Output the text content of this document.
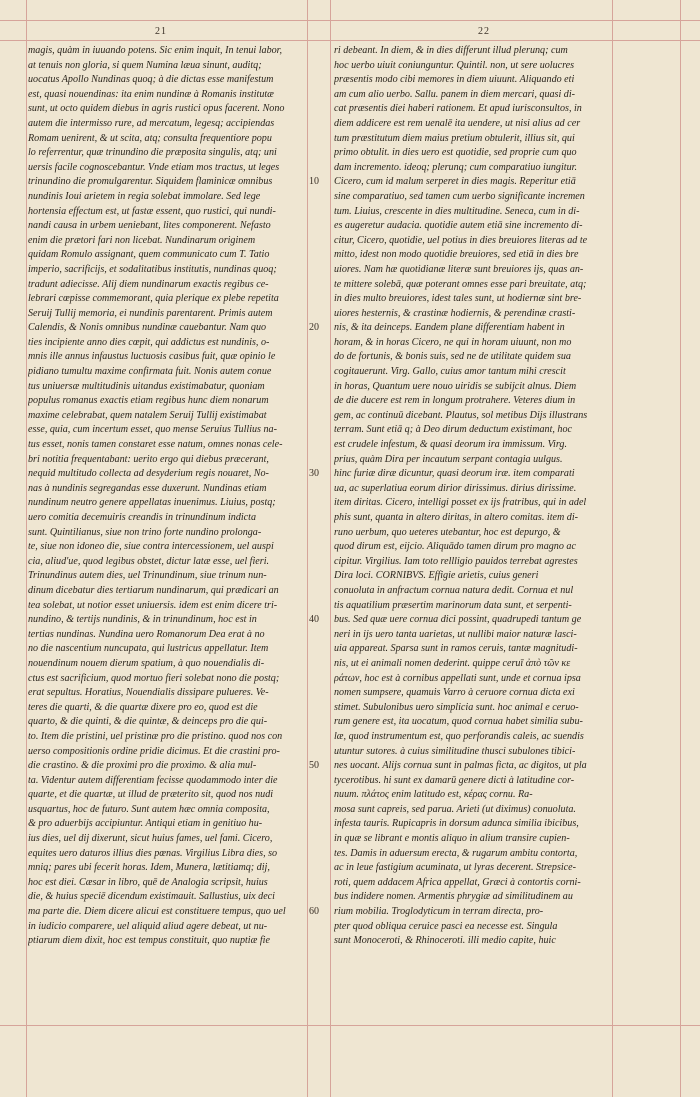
21	22
magis, quàm in iuuando potens. Sic enim inquit, In tenui labor,
at tenuis non gloria, si quem Numina læua sinunt, auditq;
uocatus Apollo Nundinas quoq; à die dictas esse manifestum
est, quasi nouendinas: ita enim nundinæ à Romanis institutæ
sunt, ut octo quidem diebus in agris rustici opus facerent. Nono
autem die intermisso rure, ad mercatum, legesq; accipiendas
Romam uenirent, & ut scita, atq; consulta frequentiore popu
lo referrentur, quæ trinundino die præposita singulis, atq; uni
uersis facile cognoscebantur. Vnde etiam mos tractus, ut leges
trinundino die promulgarentur. Siquidem flaminicæ omnibus
nundinis Ioui arietem in regia solebat immolare. Sed lege
hortensia effectum est, ut fastæ essent, quo rustici, qui nundi-
nandi causa in urbem ueniebant, lites componerent. Nefasto
enim die prætori fari non licebat. Nundinarum originem
quidam Romulo assignant, quem communicato cum T. Tatio
imperio, sacrificijs, et sodalitatibus institutis, nundinas quoq;
tradunt adiecisse. Alij diem nundinarum exactis regibus ce-
lebrari cœpisse commemorant, quia plerique ex plebe repetita
Seruij Tullij memoria, ei nundinis parentarent. Primis autem
Calendis, & Nonis omnibus nundinæ cauebantur. Nam quo
ties incipiente anno dies cœpit, qui addictus est nundinis, o-
mnis ille annus infaustus luctuosis casibus fuit, quæ opinio le
pidiano tumultu maxime confirmata fuit. Nonis autem conue
tus uniuersæ multitudinis uitandus existimabatur, quoniam
populus romanus exactis etiam regibus hunc diem nonarum
maxime celebrabat, quem natalem Seruij Tullij existimabat
esse, quia, cum incertum esset, quo mense Seruius Tullius na-
tus esset, nonis tamen constaret esse natum, omnes nonas cele-
bri notitia frequentabant: uerito ergo qui diebus præcerant,
nequid multitudo collecta ad desyderium regis nouaret, No-
nas à nundinis segregandas esse duxerunt. Nundinas etiam
nundinum neutro genere appellatas inuenimus. Liuius, postq;
uero comitia decemuiris creandis in trinundinum indicta
sunt. Quintilianus, siue non trino forte nundino prolonga-
te, siue non idoneo die, siue contra intercessionem, uel auspi
cia, aliud'ue, quod legibus obstet, dictur latæ esse, uel fieri.
Trinundinus autem dies, uel Trinundinum, siue trinum nun-
dinum dicebatur dies tertiarum nundinarum, qui prædicari an
tea solebat, ut notior esset uniuersis. idem est enim dicere tri-
nundino, & tertijs nundinis, & in trinundinum, hoc est in
tertias nundinas. Nundina uero Romanorum Dea erat à no
no die nascentium nuncupata, qui lustricus appellatur. Item
nouendinum nouem dierum spatium, à quo nouendialis di-
ctus est sacrificium, quod mortuo fieri solebat nono die postq;
erat sepultus. Horatius, Nouendialis dissipare pulueres. Ve-
teres die quarti, & die quartæ dixere pro eo, quod est die
quarto, & die quinti, & die quintæ, & deinceps pro die qui-
to. Item die pristini, uel pristinæ pro die pristino. quod nos con
uerso compositionis ordine pridie dicimus. Et die crastini pro-
die crastino. & die proximi pro die proximo. & alia mul-
ta. Videntur autem differentiam fecisse quodammodo inter die
quarte, et die quartæ, ut illud de præterito sit, quod nos nudi
usquartus, hoc de futuro. Sunt autem hæc omnia composita,
& pro aduerbijs accipiuntur. Antiqui etiam in genitiuo hu-
ius dies, uel dij dixerunt, sicut huius fames, uel fami. Cicero,
equites uero daturos illius dies pœnas. Virgilius Libra dies, so
mniq; pares ubi fecerit horas. Idem, Munera, lætitiamq; dij,
hoc est diei. Cæsar in libro, quē de Analogia scripsit, huius
die, & huius speciē dicendum existimauit. Sallustius, uix deci
ma parte die. Diem dicere alicui est constituere tempus, quo uel
in iudicio comparere, uel aliquid aliud agere debeat, ut nu-
ptiarum diem dixit, hoc est tempus constituit, quo nuptiæ fie
ri debeant. In diem, & in dies differunt illud plerunq; cum
hoc uerbo uiuit coniunguntur. Quintil. non, ut sere uolucres
præsentis modo cibi memores in diem uiuunt. Aliquando eti
am cum alio uerbo. Sallu. panem in diem mercari, quasi di-
cat præsentis diei haberi rationem. Et apud iurisconsultos, in
diem addicere est rem uenalē ita uendere, ut nisi alius ad cer
tum præstitutum diem maius pretium obtulerit, illius sit, qui
primo obtulit. in dies uero est quotidie, sed proprie cum quo
dam incremento. ideoq; plerunq; cum comparatiuo iungitur.
Cicero, cum id malum serperet in dies magis. Reperitur etiā
sine comparatiuo, sed tamen cum uerbo significante incremen
tum. Liuius, crescente in dies multitudine. Seneca, cum in di-
es augeretur audacia. quotidie autem etiā sine incremento di-
citur, Cicero, quotidie, uel potius in dies breuiores literas ad te
mitto, idest non modo quotidie breuiores, sed etiā in dies bre
uiores. Nam hæ quotidianæ literæ sunt breuiores ijs, quas an-
te mittere solebā, quæ poterant omnes esse pari breuitate, atq;
in dies multo breuiores, idest tales sunt, ut hodiernæ sint bre-
uiores hesternis, & crastinæ hodiernis, & perendinæ crasti-
nis, & ita deinceps. Eandem plane differentiam habent in
horam, & in horas Cicero, ne qui in horam uiuunt, non mo
do de fortunis, & bonis suis, sed ne de utilitate quidem sua
cogitauerunt. Virg. Gallo, cuius amor tantum mihi crescit
in horas, Quantum uere nouo uiridis se subijcit alnus. Diem
de die ducere est rem in longum protrahere. Veteres dium in
gem, ac continuū dicebant. Plautus, sol metibus Dijs illustrans
terram. Sunt etiā q; à Deo dirum deductum existimant, hoc
est crudele infestum, & quasi deorum ira immissum. Virg.
prius, quàm Dira per incautum serpant contagia uulgus.
hinc furiæ diræ dicuntur, quasi deorum iræ. item comparati
ua, ac superlatiua eorum dirior dirissimus. dirius dirissime.
item diritas. Cicero, intelligi posset ex ijs fratribus, qui in adel
phis sunt, quanta in altero diritas, in altero comitas. item di-
runo uerbum, quo ueteres utebantur, hoc est depurgo, &
quod dirum est, eijcio. Aliquādo tamen dirum pro magno ac
cipitur. Virgilius. Iam toto rellligio pauidos terrebat agrestes
Dira loci. CORNIBVS. Effigie arietis, cuius generi
conuoluta in anfractum cornua natura dedit. Cornua et nul
tis aquatilium præsertim marinorum data sunt, et serpenti-
bus. Sed quæ uere cornua dici possint, quadrupedi tantum ge
neri in ijs uero tanta uarietas, ut nullibi maior naturæ lasci-
uia appareat. Sparsa sunt in ramos ceruis, tantæ magnitudi-
nis, ut ei animali nomen dederint. quippe ceruī ἀπὸ τῶν κε
ράτων, hoc est à cornibus appellati sunt, unde et cornua ipsa
nomen sumpsere, quamuis Varro à ceruore cornua dicta exi
stimet. Subulonibus uero simplicia sunt. hoc animal e ceruo-
rum genere est, ita uocatum, quod cornua habet similia subu-
læ, quod instrumentum est, quo perforandis caleis, ac suendis
utuntur sutores. à cuius similitudine thusci subulones tibici-
nes uocant. Alijs cornua sunt in palmas ficta, ac digitos, ut pla
tycerotibus. hi sunt ex damarū genere dicti à latitudine cor-
nuum. πλάτος enim latitudo est, κέρας cornu. Ra-
mosa sunt capreis, sed parua. Arieti (ut diximus) conuoluta.
infesta tauris. Rupicapris in dorsum adunca similia ibicibus,
in quæ se librant e montis aliquo in alium transire cupien-
tes. Damis in aduersum erecta, & rugarum ambitu contorta,
ac in leue fastigium acuminata, ut lyras decerent. Strepsice-
roti, quem addacem Africa appellat, Græci à contortis corni-
bus indidere nomen. Armentis phrygiæ ad similitudinem au
rium mobilia. Troglodyticum in terram directa, pro-
pter quod obliqua ceruice pasci ea necesse est. Singula
sunt Monoceroti, & Rhinoceroti. illi medio capite, huic
10
20
30
40
50
60
